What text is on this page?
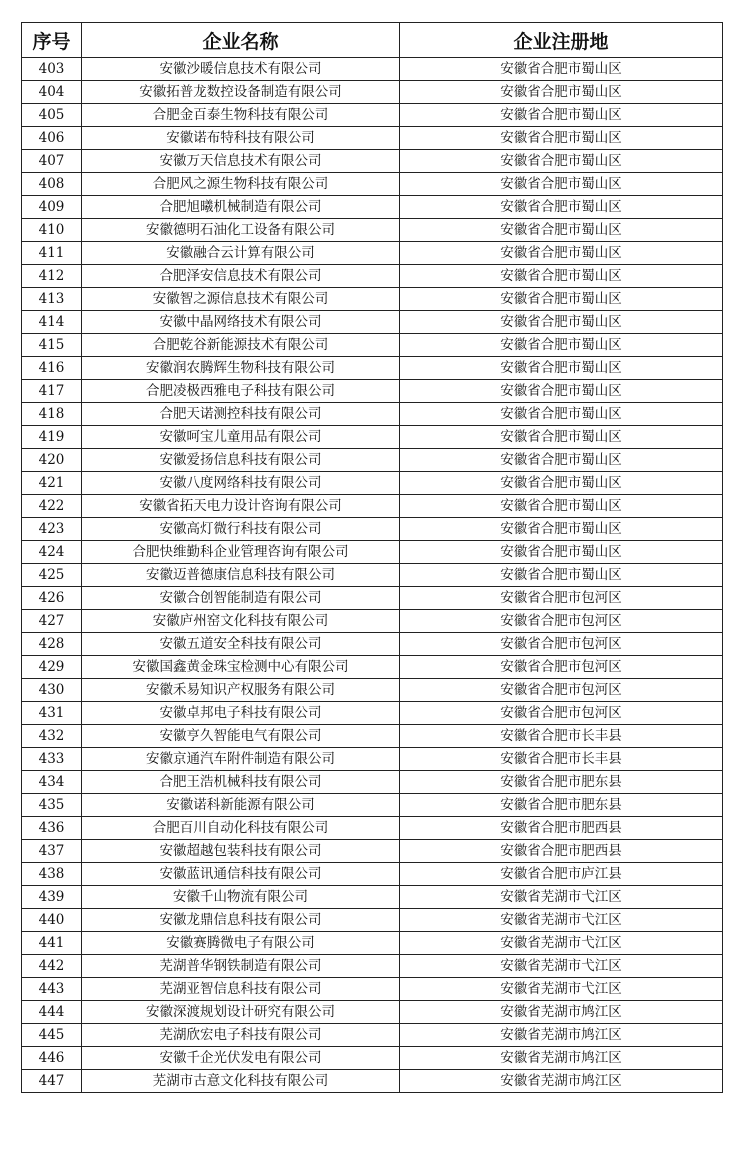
序号	企业名称	企业注册地
403	安徽沙暖信息技术有限公司	安徽省合肥市蜀山区
404	安徽拓普龙数控设备制造有限公司	安徽省合肥市蜀山区
405	合肥金百泰生物科技有限公司	安徽省合肥市蜀山区
406	安徽诺布特科技有限公司	安徽省合肥市蜀山区
407	安徽万天信息技术有限公司	安徽省合肥市蜀山区
408	合肥风之源生物科技有限公司	安徽省合肥市蜀山区
409	合肥旭曦机械制造有限公司	安徽省合肥市蜀山区
410	安徽德明石油化工设备有限公司	安徽省合肥市蜀山区
411	安徽融合云计算有限公司	安徽省合肥市蜀山区
412	合肥泽安信息技术有限公司	安徽省合肥市蜀山区
413	安徽智之源信息技术有限公司	安徽省合肥市蜀山区
414	安徽中晶网络技术有限公司	安徽省合肥市蜀山区
415	合肥乾谷新能源技术有限公司	安徽省合肥市蜀山区
416	安徽润农腾辉生物科技有限公司	安徽省合肥市蜀山区
417	合肥凌极西雅电子科技有限公司	安徽省合肥市蜀山区
418	合肥天诺测控科技有限公司	安徽省合肥市蜀山区
419	安徽呵宝儿童用品有限公司	安徽省合肥市蜀山区
420	安徽爱扬信息科技有限公司	安徽省合肥市蜀山区
421	安徽八度网络科技有限公司	安徽省合肥市蜀山区
422	安徽省拓天电力设计咨询有限公司	安徽省合肥市蜀山区
423	安徽高灯微行科技有限公司	安徽省合肥市蜀山区
424	合肥快维勤科企业管理咨询有限公司	安徽省合肥市蜀山区
425	安徽迈普德康信息科技有限公司	安徽省合肥市蜀山区
426	安徽合创智能制造有限公司	安徽省合肥市包河区
427	安徽庐州窑文化科技有限公司	安徽省合肥市包河区
428	安徽五道安全科技有限公司	安徽省合肥市包河区
429	安徽国鑫黄金珠宝检测中心有限公司	安徽省合肥市包河区
430	安徽禾易知识产权服务有限公司	安徽省合肥市包河区
431	安徽卓邦电子科技有限公司	安徽省合肥市包河区
432	安徽亨久智能电气有限公司	安徽省合肥市长丰县
433	安徽京通汽车附件制造有限公司	安徽省合肥市长丰县
434	合肥王浩机械科技有限公司	安徽省合肥市肥东县
435	安徽诺科新能源有限公司	安徽省合肥市肥东县
436	合肥百川自动化科技有限公司	安徽省合肥市肥西县
437	安徽超越包装科技有限公司	安徽省合肥市肥西县
438	安徽蓝讯通信科技有限公司	安徽省合肥市庐江县
439	安徽千山物流有限公司	安徽省芜湖市弋江区
440	安徽龙鼎信息科技有限公司	安徽省芜湖市弋江区
441	安徽赛腾微电子有限公司	安徽省芜湖市弋江区
442	芜湖普华钢铁制造有限公司	安徽省芜湖市弋江区
443	芜湖亚智信息科技有限公司	安徽省芜湖市弋江区
444	安徽深渡规划设计研究有限公司	安徽省芜湖市鸠江区
445	芜湖欣宏电子科技有限公司	安徽省芜湖市鸠江区
446	安徽千企光伏发电有限公司	安徽省芜湖市鸠江区
447	芜湖市古意文化科技有限公司	安徽省芜湖市鸠江区
